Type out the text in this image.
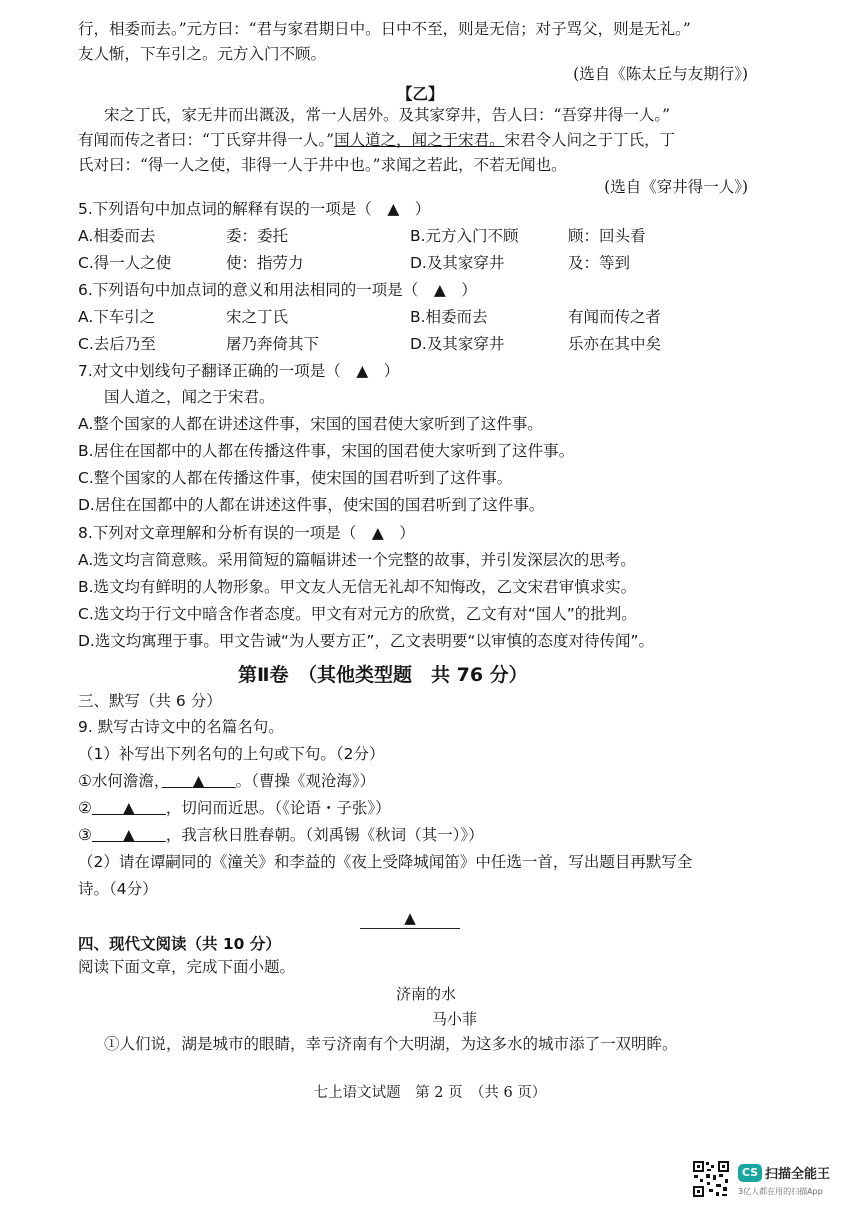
行，相委而去。”元方曰：“君与家君期日中。日中不至，则是无信；对子骂父，则是无礼。”
友人惭，下车引之。元方入门不顾。
(选自《陈太丘与友期行》)
【乙】
宋之丁氏，家无井而出溉汲，常一人居外。及其家穿井，告人曰：“吾穿井得一人。”
有闻而传之者曰：“丁氏穿井得一人。”国人道之，闻之于宋君。宋君令人问之于丁氏，丁
氏对曰：“得一人之使，非得一人于井中也。”求闻之若此，不若无闻也。
(选自《穿井得一人》)
5.下列语句中加点词的解释有误的一项是（　 ▲　 ）
A.相委而去	委：委托	B.元方入门不顾	顾：回头看
C.得一人之使	使：指劳力	D.及其家穿井	及：等到
6.下列语句中加点词的意义和用法相同的一项是（　 ▲　 ）
A.下车引之	宋之丁氏	B.相委而去	有闻而传之者
C.去后乃至	屠乃奔倚其下	D.及其家穿井	乐亦在其中矣
7.对文中划线句子翻译正确的一项是（　 ▲　 ）
国人道之，闻之于宋君。
A.整个国家的人都在讲述这件事，宋国的国君使大家听到了这件事。
B.居住在国都中的人都在传播这件事，宋国的国君使大家听到了这件事。
C.整个国家的人都在传播这件事，使宋国的国君听到了这件事。
D.居住在国都中的人都在讲述这件事，使宋国的国君听到了这件事。
8.下列对文章理解和分析有误的一项是（　 ▲　 ）
A.选文均言简意赅。采用简短的篇幅讲述一个完整的故事，并引发深层次的思考。
B.选文均有鲜明的人物形象。甲文友人无信无礼却不知悔改，乙文宋君审慎求实。
C.选文均于行文中暗含作者态度。甲文有对元方的欣赏，乙文有对“国人”的批判。
D.选文均寓理于事。甲文告诫“为人要方正”，乙文表明要“以审慎的态度对待传闻”。
第Ⅱ卷　（其他类型题　共 76 分）
三、默写（共 6 分）
9. 默写古诗文中的名篇名句。
（1）补写出下列名句的上句或下句。（2分）
①水何澹澹，　　 ▲　　 。（曹操《观沧海》）
②　　 ▲　　 ，切问而近思。（《论语・子张》）
③　　 ▲　　 ，我言秋日胜春朝。（刘禹锡《秋词（其一）》）
（2）请在谭嗣同的《潼关》和李益的《夜上受降城闻笛》中任选一首，写出题目再默写全
诗。（4分）
▲
四、现代文阅读（共 10 分）
阅读下面文章，完成下面小题。
济南的水
马小菲
①人们说，湖是城市的眼睛，幸亏济南有个大明湖，为这多水的城市添了一双明眸。
七上语文试题　第 2 页　（共 6 页）
CS 扫描全能王
3亿人都在用的扫描App
